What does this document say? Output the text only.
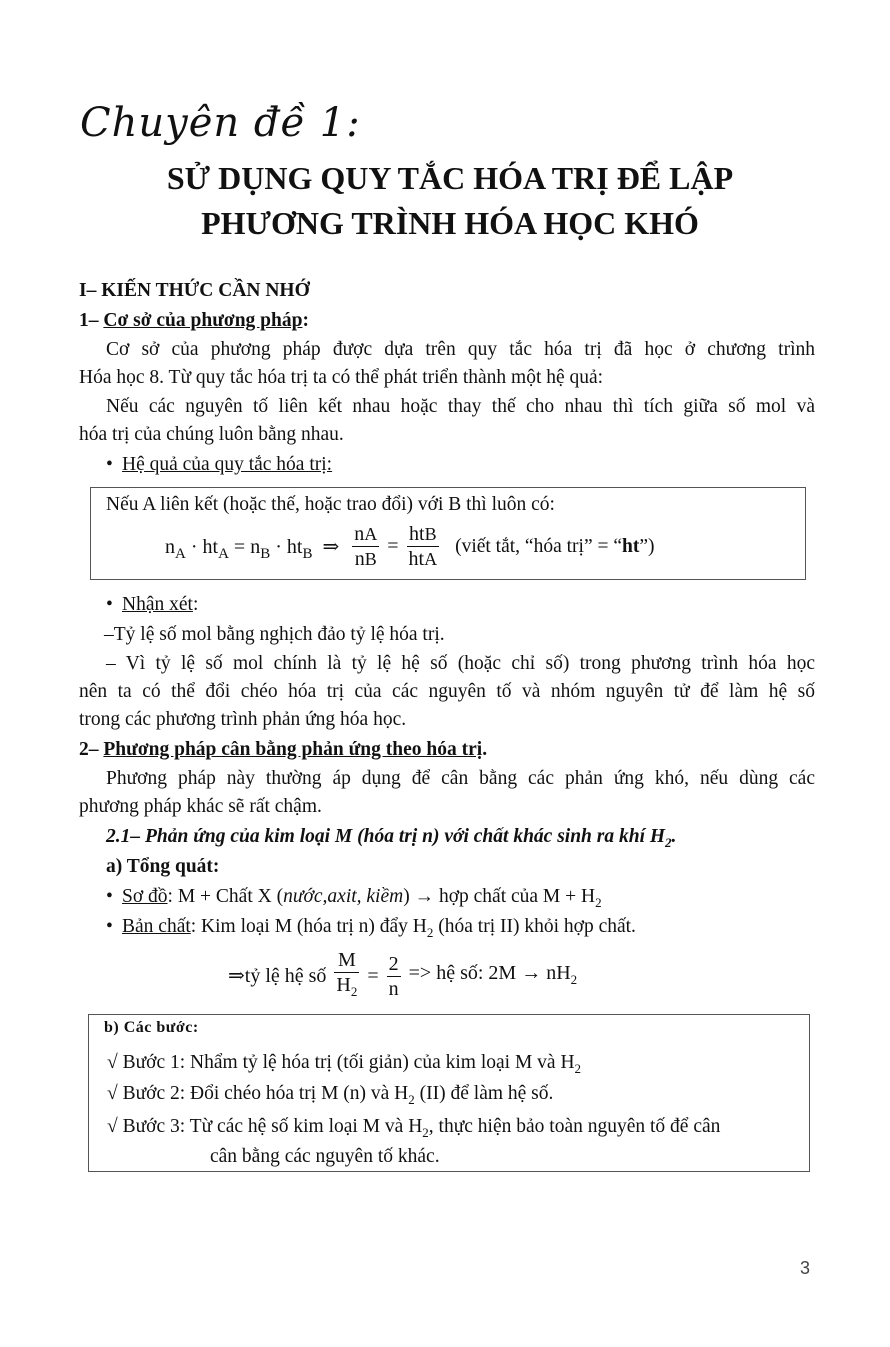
Chuyên đề 1:
SỬ DỤNG QUY TẮC HÓA TRỊ ĐỂ LẬP
PHƯƠNG TRÌNH HÓA HỌC KHÓ
I– KIẾN THỨC CẦN NHỚ
1– Cơ sở của phương pháp:
Cơ sở của phương pháp được dựa trên quy tắc hóa trị đã học ở chương trình
Hóa học 8. Từ quy tắc hóa trị ta có thể phát triển thành một hệ quả:
Nếu các nguyên tố liên kết nhau hoặc thay thế cho nhau thì tích giữa số mol và
hóa trị của chúng luôn bằng nhau.
• Hệ quả của quy tắc hóa trị:
Nếu A liên kết (hoặc thế, hoặc trao đổi) với B thì luôn có:
$n_A \cdot ht_A = n_B \cdot ht_B$ ⇒ $\frac{nA}{nB} = \frac{\text{htB}}{\text{htA}}$ (viết tắt, “hóa trị” = “ht”)
• Nhận xét:
–Tỷ lệ số mol bằng nghịch đảo tỷ lệ hóa trị.
– Vì tỷ lệ số mol chính là tỷ lệ hệ số (hoặc chỉ số) trong phương trình hóa học
nên ta có thể đổi chéo hóa trị của các nguyên tố và nhóm nguyên tử để làm hệ số
trong các phương trình phản ứng hóa học.
2– Phương pháp cân bằng phản ứng theo hóa trị.
Phương pháp này thường áp dụng để cân bằng các phản ứng khó, nếu dùng các
phương pháp khác sẽ rất chậm.
2.1– Phản ứng của kim loại M (hóa trị n) với chất khác sinh ra khí $H_2$.
a) Tổng quát:
• Sơ đồ: M + Chất X (nước,axit, kiềm) → hợp chất của $M + H_2$
• Bản chất: Kim loại M (hóa trị n) đẩy $H_2$ (hóa trị II) khỏi hợp chất.
⇒tỷ lệ hệ số $\frac{M}{H_2} = \frac{2}{n}$ => hệ số: $2M \to nH_2$
b) Các bước:
√ Bước 1: Nhẩm tỷ lệ hóa trị (tối giản) của kim loại M và $H_2$
√ Bước 2: Đổi chéo hóa trị M (n) và $H_2$ (II) để làm hệ số.
√ Bước 3: Từ các hệ số kim loại M và $H_2$, thực hiện bảo toàn nguyên tố để cân
cân bằng các nguyên tố khác.
3
